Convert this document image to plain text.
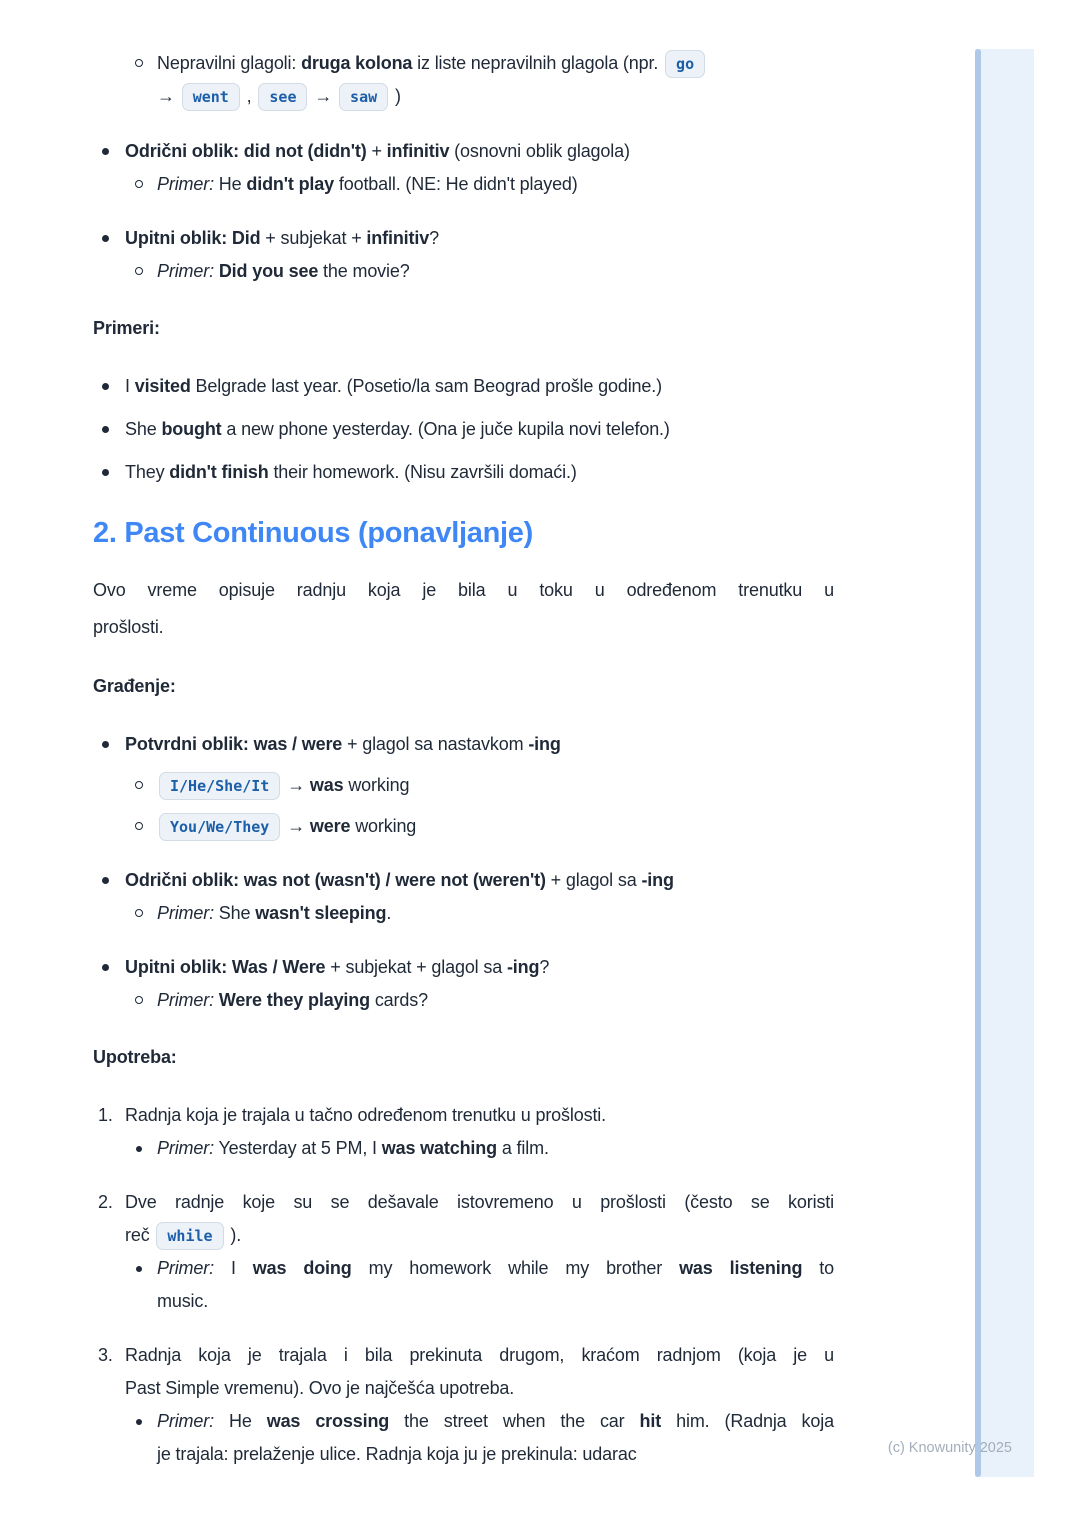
Nepravilni glagoli: druga kolona iz liste nepravilnih glagola (npr. go
→ went , see → saw )
Odrični oblik: did not (didn't) + infinitiv (osnovni oblik glagola)
Primer: He didn't play football. (NE: He didn't played)
Upitni oblik: Did + subjekat + infinitiv?
Primer: Did you see the movie?
Primeri:
I visited Belgrade last year. (Posetio/la sam Beograd prošle godine.)
She bought a new phone yesterday. (Ona je juče kupila novi telefon.)
They didn't finish their homework. (Nisu završili domaći.)
2. Past Continuous (ponavljanje)

Ovo vreme opisuje radnju koja je bila u toku u određenom trenutku u
prošlosti.

Građenje:
Potvrdni oblik: was / were + glagol sa nastavkom -ing
I/He/She/It → was working
You/We/They → were working
Odrični oblik: was not (wasn't) / were not (weren't) + glagol sa -ing
Primer: She wasn't sleeping.
Upitni oblik: Was / Were + subjekat + glagol sa -ing?
Primer: Were they playing cards?
Upotreba:
Radnja koja je trajala u tačno određenom trenutku u prošlosti.
Primer: Yesterday at 5 PM, I was watching a film.
Dve radnje koje su se dešavale istovremeno u prošlosti (često se koristi
reč while ).
Primer: I was doing my homework while my brother was listening to
music.
Radnja koja je trajala i bila prekinuta drugom, kraćom radnjom (koja je u
Past Simple vremenu). Ovo je najčešća upotreba.
Primer: He was crossing the street when the car hit him. (Radnja koja
je trajala: prelaženje ulice. Radnja koja ju je prekinula: udarac	(c) Knowunity 2025
